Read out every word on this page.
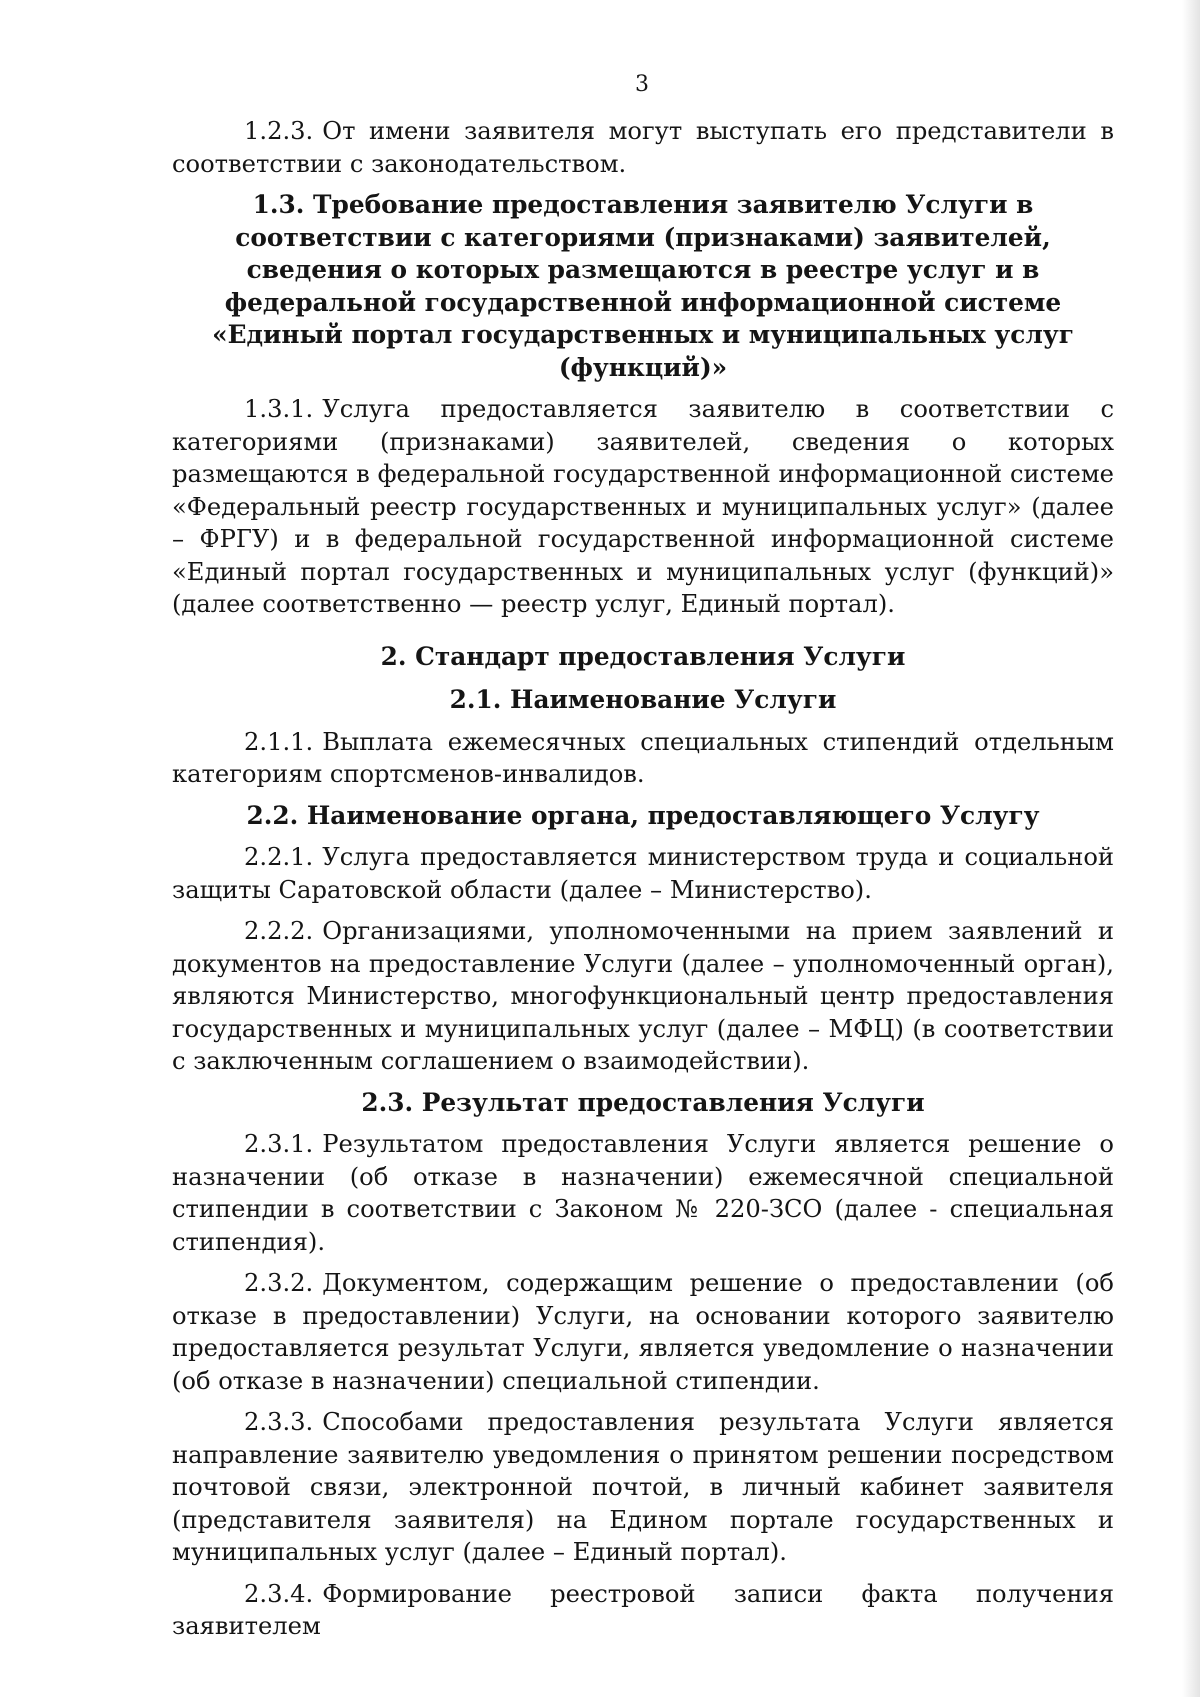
3

1.2.3. От имени заявителя могут выступать его представители в соответствии с законодательством.

1.3. Требование предоставления заявителю Услуги в соответствии с категориями (признаками) заявителей, сведения о которых размещаются в реестре услуг и в федеральной государственной информационной системе «Единый портал государственных и муниципальных услуг (функций)»

1.3.1. Услуга предоставляется заявителю в соответствии с категориями (признаками) заявителей, сведения о которых размещаются в федеральной государственной информационной системе «Федеральный реестр государственных и муниципальных услуг» (далее – ФРГУ) и в федеральной государственной информационной системе «Единый портал государственных и муниципальных услуг (функций)» (далее соответственно — реестр услуг, Единый портал).

2. Стандарт предоставления Услуги
2.1. Наименование Услуги

2.1.1. Выплата ежемесячных специальных стипендий отдельным категориям спортсменов-инвалидов.

2.2. Наименование органа, предоставляющего Услугу

2.2.1. Услуга предоставляется министерством труда и социальной защиты Саратовской области (далее – Министерство).

2.2.2. Организациями, уполномоченными на прием заявлений и документов на предоставление Услуги (далее – уполномоченный орган), являются Министерство, многофункциональный центр предоставления государственных и муниципальных услуг (далее – МФЦ) (в соответствии с заключенным соглашением о взаимодействии).

2.3. Результат предоставления Услуги

2.3.1. Результатом предоставления Услуги является решение о назначении (об отказе в назначении) ежемесячной специальной стипендии в соответствии с Законом № 220-ЗСО (далее - специальная стипендия).

2.3.2. Документом, содержащим решение о предоставлении (об отказе в предоставлении) Услуги, на основании которого заявителю предоставляется результат Услуги, является уведомление о назначении (об отказе в назначении) специальной стипендии.

2.3.3. Способами предоставления результата Услуги является направление заявителю уведомления о принятом решении посредством почтовой связи, электронной почтой, в личный кабинет заявителя (представителя заявителя) на Едином портале государственных и муниципальных услуг (далее – Единый портал).

2.3.4. Формирование реестровой записи факта получения заявителем
